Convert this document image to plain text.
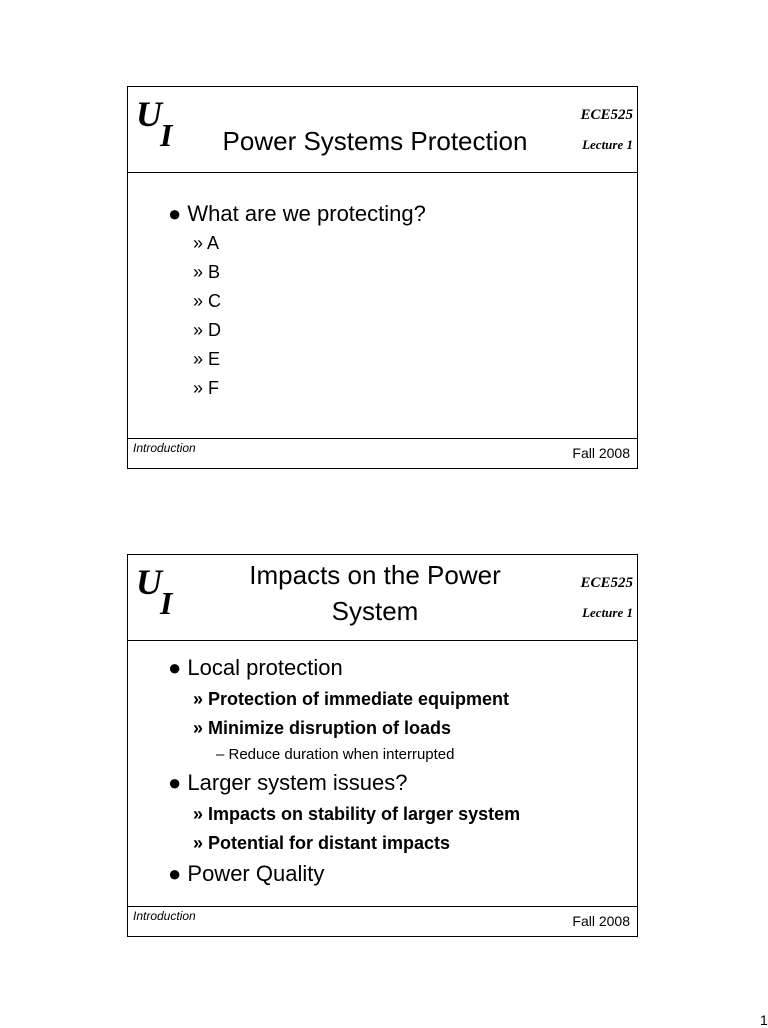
U
I	Power Systems Protection
ECE525
Lecture 1
● What are we protecting?
» A
» B
» C
» D
» E
» F
Introduction	Fall 2008
U
I
Impacts on the Power
System
ECE525
Lecture 1
● Local protection
» Protection of immediate equipment
» Minimize disruption of loads
– Reduce duration when interrupted
● Larger system issues?
» Impacts on stability of larger system
» Potential for distant impacts
● Power Quality
Introduction	Fall 2008
1
